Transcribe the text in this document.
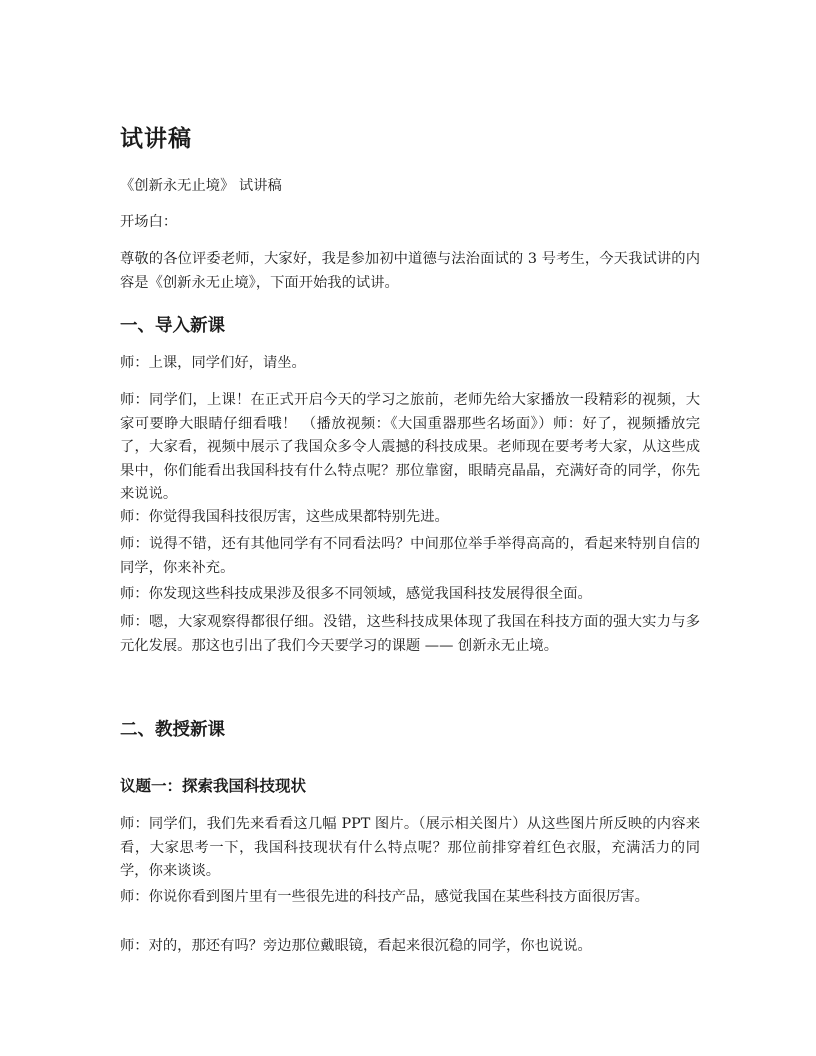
试讲稿

《创新永无止境》 试讲稿

开场白：

尊敬的各位评委老师，大家好，我是参加初中道德与法治面试的 3 号考生，今天我试讲的内容是《创新永无止境》，下面开始我的试讲。

一、导入新课

师：上课，同学们好，请坐。

师：同学们，上课！在正式开启今天的学习之旅前，老师先给大家播放一段精彩的视频，大家可要睁大眼睛仔细看哦！ （播放视频：《大国重器那些名场面》）师：好了，视频播放完了，大家看，视频中展示了我国众多令人震撼的科技成果。老师现在要考考大家，从这些成果中，你们能看出我国科技有什么特点呢？那位靠窗，眼睛亮晶晶，充满好奇的同学，你先来说说。

师：你觉得我国科技很厉害，这些成果都特别先进。

师：说得不错，还有其他同学有不同看法吗？中间那位举手举得高高的，看起来特别自信的同学，你来补充。

师：你发现这些科技成果涉及很多不同领域，感觉我国科技发展得很全面。

师：嗯，大家观察得都很仔细。没错，这些科技成果体现了我国在科技方面的强大实力与多元化发展。那这也引出了我们今天要学习的课题 —— 创新永无止境。

二、教授新课
议题一：探索我国科技现状

师：同学们，我们先来看看这几幅 PPT 图片。（展示相关图片）从这些图片所反映的内容来看，大家思考一下，我国科技现状有什么特点呢？那位前排穿着红色衣服，充满活力的同学，你来谈谈。

师：你说你看到图片里有一些很先进的科技产品，感觉我国在某些科技方面很厉害。

师：对的，那还有吗？旁边那位戴眼镜，看起来很沉稳的同学，你也说说。
